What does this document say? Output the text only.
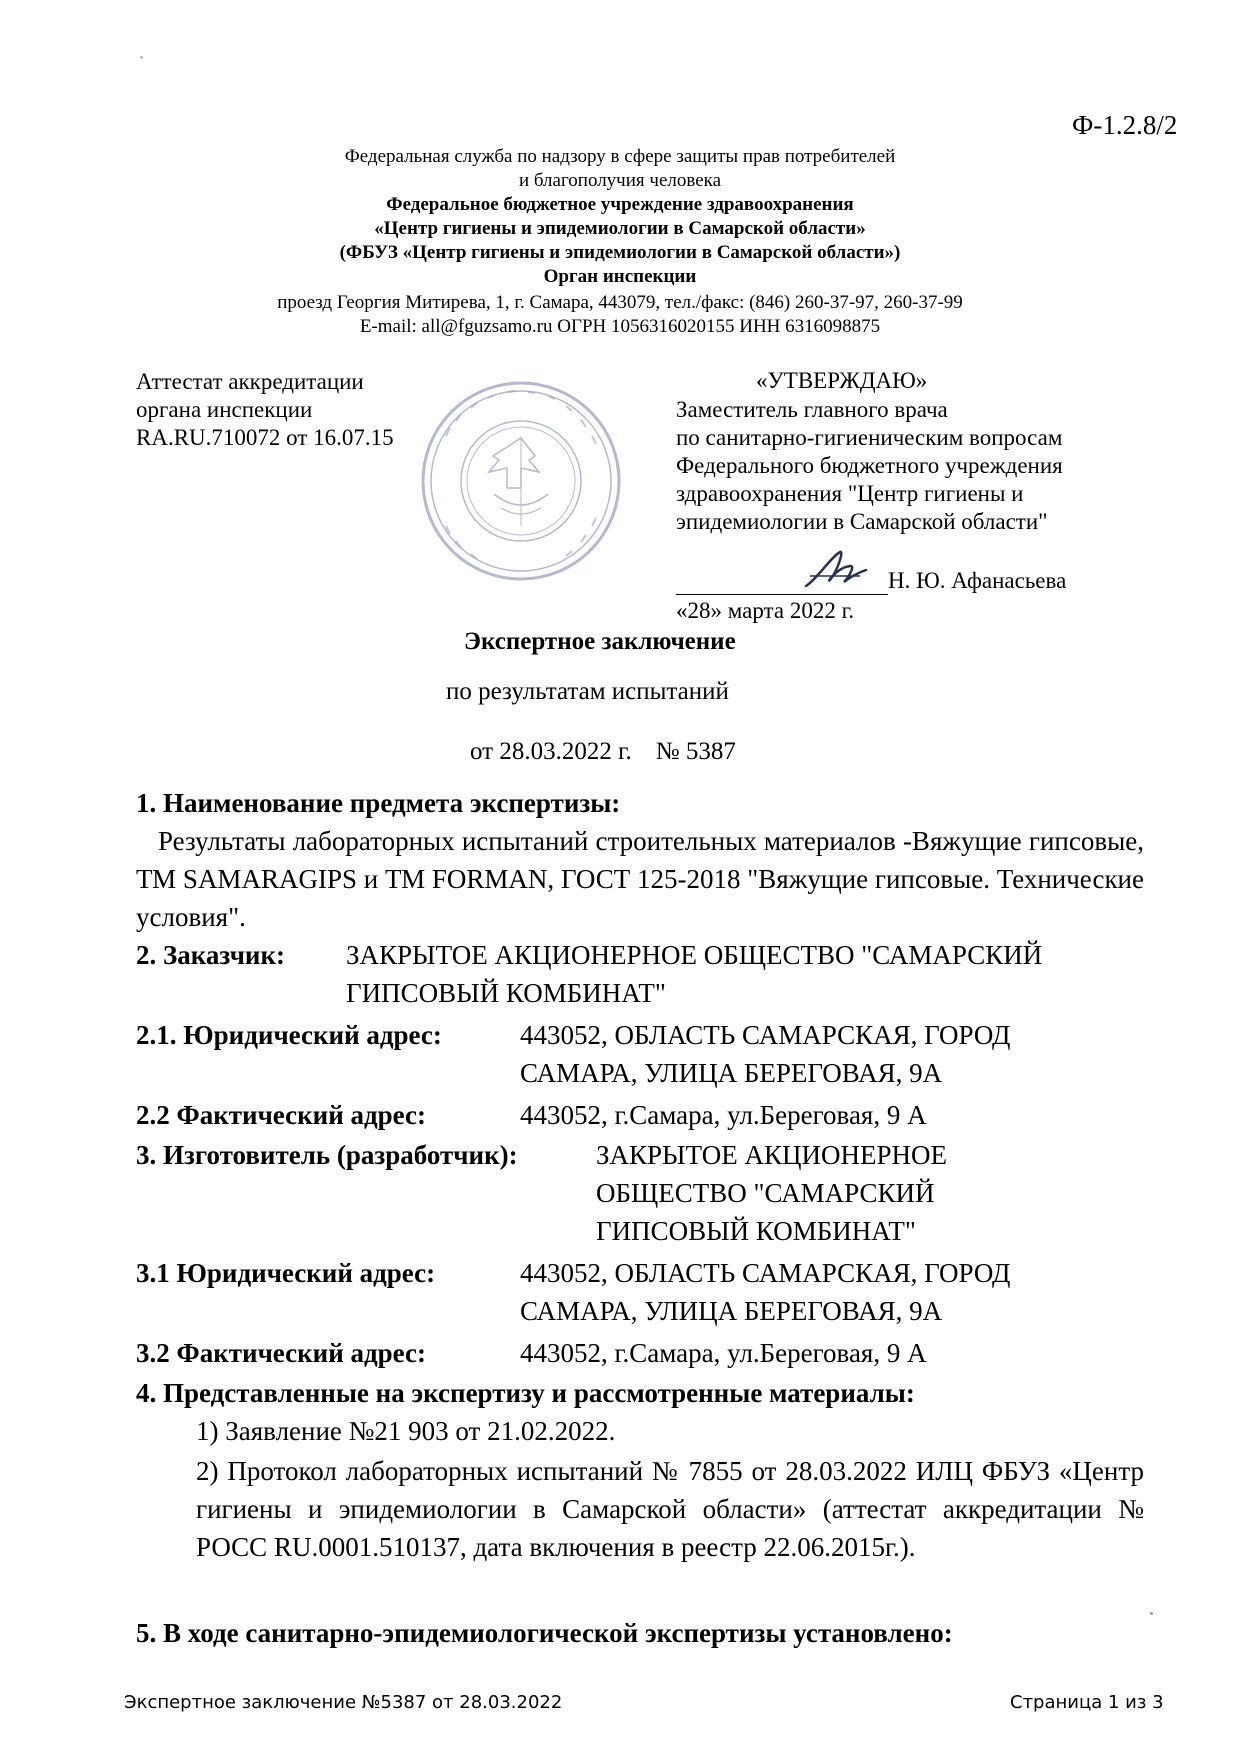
Ф-1.2.8/2
Федеральная служба по надзору в сфере защиты прав потребителей
и благополучия человека
Федеральное бюджетное учреждение здравоохранения
«Центр гигиены и эпидемиологии в Самарской области»
(ФБУЗ «Центр гигиены и эпидемиологии в Самарской области»)
Орган инспекции
проезд Георгия Митирева, 1, г. Самара, 443079, тел./факс: (846) 260-37-97, 260-37-99
E-mail: all@fguzsamo.ru ОГРН 1056316020155 ИНН 6316098875
Аттестат аккредитации
органа инспекции
RA.RU.710072 от 16.07.15
«УТВЕРЖДАЮ»
Заместитель главного врача
по санитарно-гигиеническим вопросам
Федерального бюджетного учреждения
здравоохранения "Центр гигиены и
эпидемиологии в Самарской области"
Н. Ю. Афанасьева
«28» марта 2022 г.
Экспертное заключение
по результатам испытаний
от 28.03.2022 г. № 5387
1. Наименование предмета экспертизы:

Результаты лабораторных испытаний строительных материалов -Вяжущие гипсовые, ТМ SAMARAGIPS и ТМ FORMAN, ГОСТ 125-2018 "Вяжущие гипсовые. Технические условия".

2. Заказчик: ЗАКРЫТОЕ АКЦИОНЕРНОЕ ОБЩЕСТВО "САМАРСКИЙ
ГИПСОВЫЙ КОМБИНАТ"
2.1. Юридический адрес:	443052, ОБЛАСТЬ САМАРСКАЯ, ГОРОД
САМАРА, УЛИЦА БЕРЕГОВАЯ, 9А
2.2 Фактический адрес:	443052, г.Самара, ул.Береговая, 9 А
3. Изготовитель (разработчик):	ЗАКРЫТОЕ АКЦИОНЕРНОЕ
ОБЩЕСТВО "САМАРСКИЙ
ГИПСОВЫЙ КОМБИНАТ"
3.1 Юридический адрес:	443052, ОБЛАСТЬ САМАРСКАЯ, ГОРОД
САМАРА, УЛИЦА БЕРЕГОВАЯ, 9А
3.2 Фактический адрес:	443052, г.Самара, ул.Береговая, 9 А
4. Представленные на экспертизу и рассмотренные материалы:
1) Заявление №21 903 от 21.02.2022.

2) Протокол лабораторных испытаний № 7855 от 28.03.2022 ИЛЦ ФБУЗ «Центр гигиены и эпидемиологии в Самарской области» (аттестат аккредитации № РОСС RU.0001.510137, дата включения в реестр 22.06.2015г.).

5. В ходе санитарно-эпидемиологической экспертизы установлено:
Экспертное заключение №5387 от 28.03.2022	Страница 1 из 3
